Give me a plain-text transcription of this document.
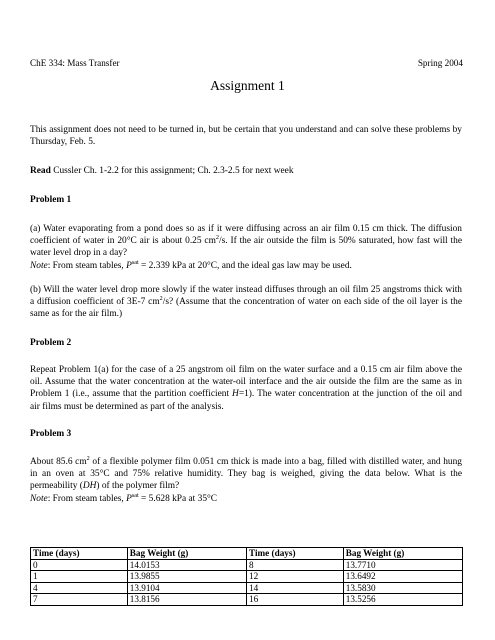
ChE 334: Mass Transfer	Spring 2004
Assignment 1

This assignment does not need to be turned in, but be certain that you understand and can solve these problems by Thursday, Feb. 5.

Read Cussler Ch. 1-2.2 for this assignment; Ch. 2.3-2.5 for next week

Problem 1

(a) Water evaporating from a pond does so as if it were diffusing across an air film 0.15 cm thick. The diffusion coefficient of water in 20°C air is about 0.25 $cm^2/s$. If the air outside the film is 50% saturated, how fast will the water level drop in a day?
Note: From steam tables, $P^{sat} = 2.339$ kPa at 20°C, and the ideal gas law may be used.

(b) Will the water level drop more slowly if the water instead diffuses through an oil film 25 angstroms thick with a diffusion coefficient of 3E-7 $cm^2/s$? (Assume that the concentration of water on each side of the oil layer is the same as for the air film.)

Problem 2

Repeat Problem 1(a) for the case of a 25 angstrom oil film on the water surface and a 0.15 cm air film above the oil. Assume that the water concentration at the water-oil interface and the air outside the film are the same as in Problem 1 (i.e., assume that the partition coefficient H=1). The water concentration at the junction of the oil and air films must be determined as part of the analysis.

Problem 3

About 85.6 $cm^2$ of a flexible polymer film 0.051 cm thick is made into a bag, filled with distilled water, and hung in an oven at 35°C and 75% relative humidity. They bag is weighed, giving the data below. What is the permeability (DH) of the polymer film?
Note: From steam tables, $P^{sat} = 5.628$ kPa at 35°C

Time (days)	Bag Weight (g)	Time (days)	Bag Weight (g)
0	14.0153	8	13.7710
1	13.9855	12	13.6492
4	13.9104	14	13.5830
7	13.8156	16	13.5256
